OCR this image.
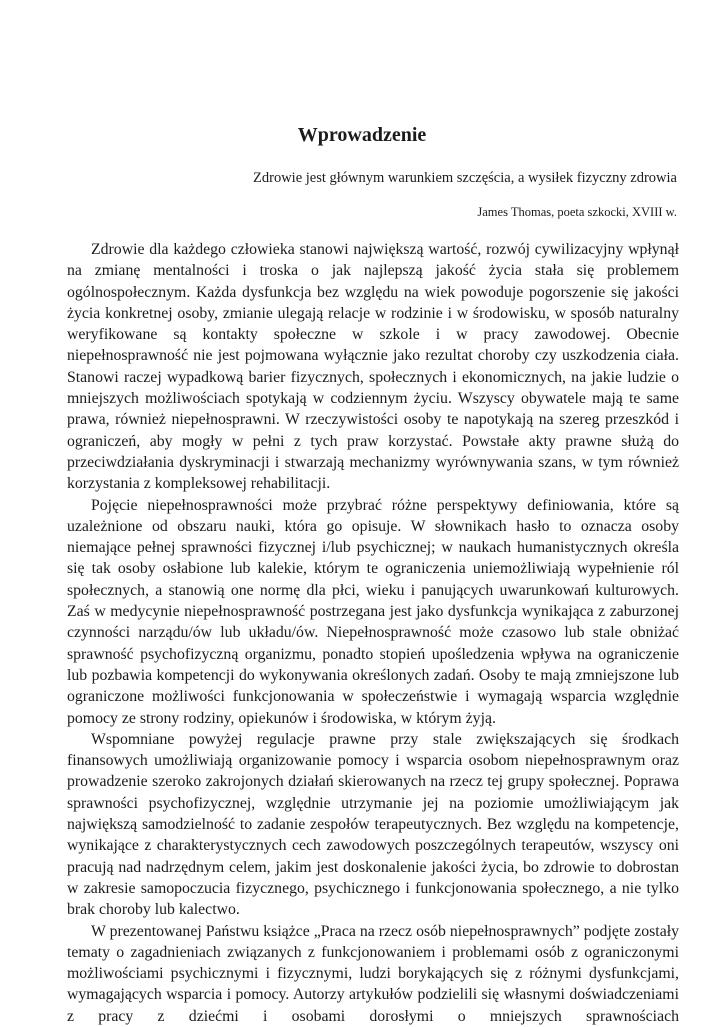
Wprowadzenie

Zdrowie jest głównym warunkiem szczęścia, a wysiłek fizyczny zdrowia

James Thomas, poeta szkocki, XVIII w.

Zdrowie dla każdego człowieka stanowi największą wartość, rozwój cywilizacyjny wpłynął na zmianę mentalności i troska o jak najlepszą jakość życia stała się problemem ogólnospołecznym. Każda dysfunkcja bez względu na wiek powoduje pogorszenie się jakości życia konkretnej osoby, zmianie ulegają relacje w rodzinie i w środowisku, w sposób naturalny weryfikowane są kontakty społeczne w szkole i w pracy zawodowej. Obecnie niepełnosprawność nie jest pojmowana wyłącznie jako rezultat choroby czy uszkodzenia ciała. Stanowi raczej wypadkową barier fizycznych, społecznych i ekonomicznych, na jakie ludzie o mniejszych możliwościach spotykają w codziennym życiu. Wszyscy obywatele mają te same prawa, również niepełnosprawni. W rzeczywistości osoby te napotykają na szereg przeszkód i ograniczeń, aby mogły w pełni z tych praw korzystać. Powstałe akty prawne służą do przeciwdziałania dyskryminacji i stwarzają mechanizmy wyrównywania szans, w tym również korzystania z kompleksowej rehabilitacji.

Pojęcie niepełnosprawności może przybrać różne perspektywy definiowania, które są uzależnione od obszaru nauki, która go opisuje. W słownikach hasło to oznacza osoby niemające pełnej sprawności fizycznej i/lub psychicznej; w naukach humanistycznych określa się tak osoby osłabione lub kalekie, którym te ograniczenia uniemożliwiają wypełnienie ról społecznych, a stanowią one normę dla płci, wieku i panujących uwarunkowań kulturowych. Zaś w medycynie niepełnosprawność postrzegana jest jako dysfunkcja wynikająca z zaburzonej czynności narządu/ów lub układu/ów. Niepełnosprawność może czasowo lub stale obniżać sprawność psychofizyczną organizmu, ponadto stopień upośledzenia wpływa na ograniczenie lub pozbawia kompetencji do wykonywania określonych zadań. Osoby te mają zmniejszone lub ograniczone możliwości funkcjonowania w społeczeństwie i wymagają wsparcia względnie pomocy ze strony rodziny, opiekunów i środowiska, w którym żyją.

Wspomniane powyżej regulacje prawne przy stale zwiększających się środkach finansowych umożliwiają organizowanie pomocy i wsparcia osobom niepełnosprawnym oraz prowadzenie szeroko zakrojonych działań skierowanych na rzecz tej grupy społecznej. Poprawa sprawności psychofizycznej, względnie utrzymanie jej na poziomie umożliwiającym jak największą samodzielność to zadanie zespołów terapeutycznych. Bez względu na kompetencje, wynikające z charakterystycznych cech zawodowych poszczególnych terapeutów, wszyscy oni pracują nad nadrzędnym celem, jakim jest doskonalenie jakości życia, bo zdrowie to dobrostan w zakresie samopoczucia fizycznego, psychicznego i funkcjonowania społecznego, a nie tylko brak choroby lub kalectwo.

W prezentowanej Państwu książce „Praca na rzecz osób niepełnosprawnych” podjęte zostały tematy o zagadnieniach związanych z funkcjonowaniem i problemami osób z ograniczonymi możliwościami psychicznymi i fizycznymi, ludzi borykających się z różnymi dysfunkcjami, wymagających wsparcia i pomocy. Autorzy artykułów podzielili się własnymi doświadczeniami z pracy z dziećmi i osobami dorosłymi o mniejszych sprawnościach
